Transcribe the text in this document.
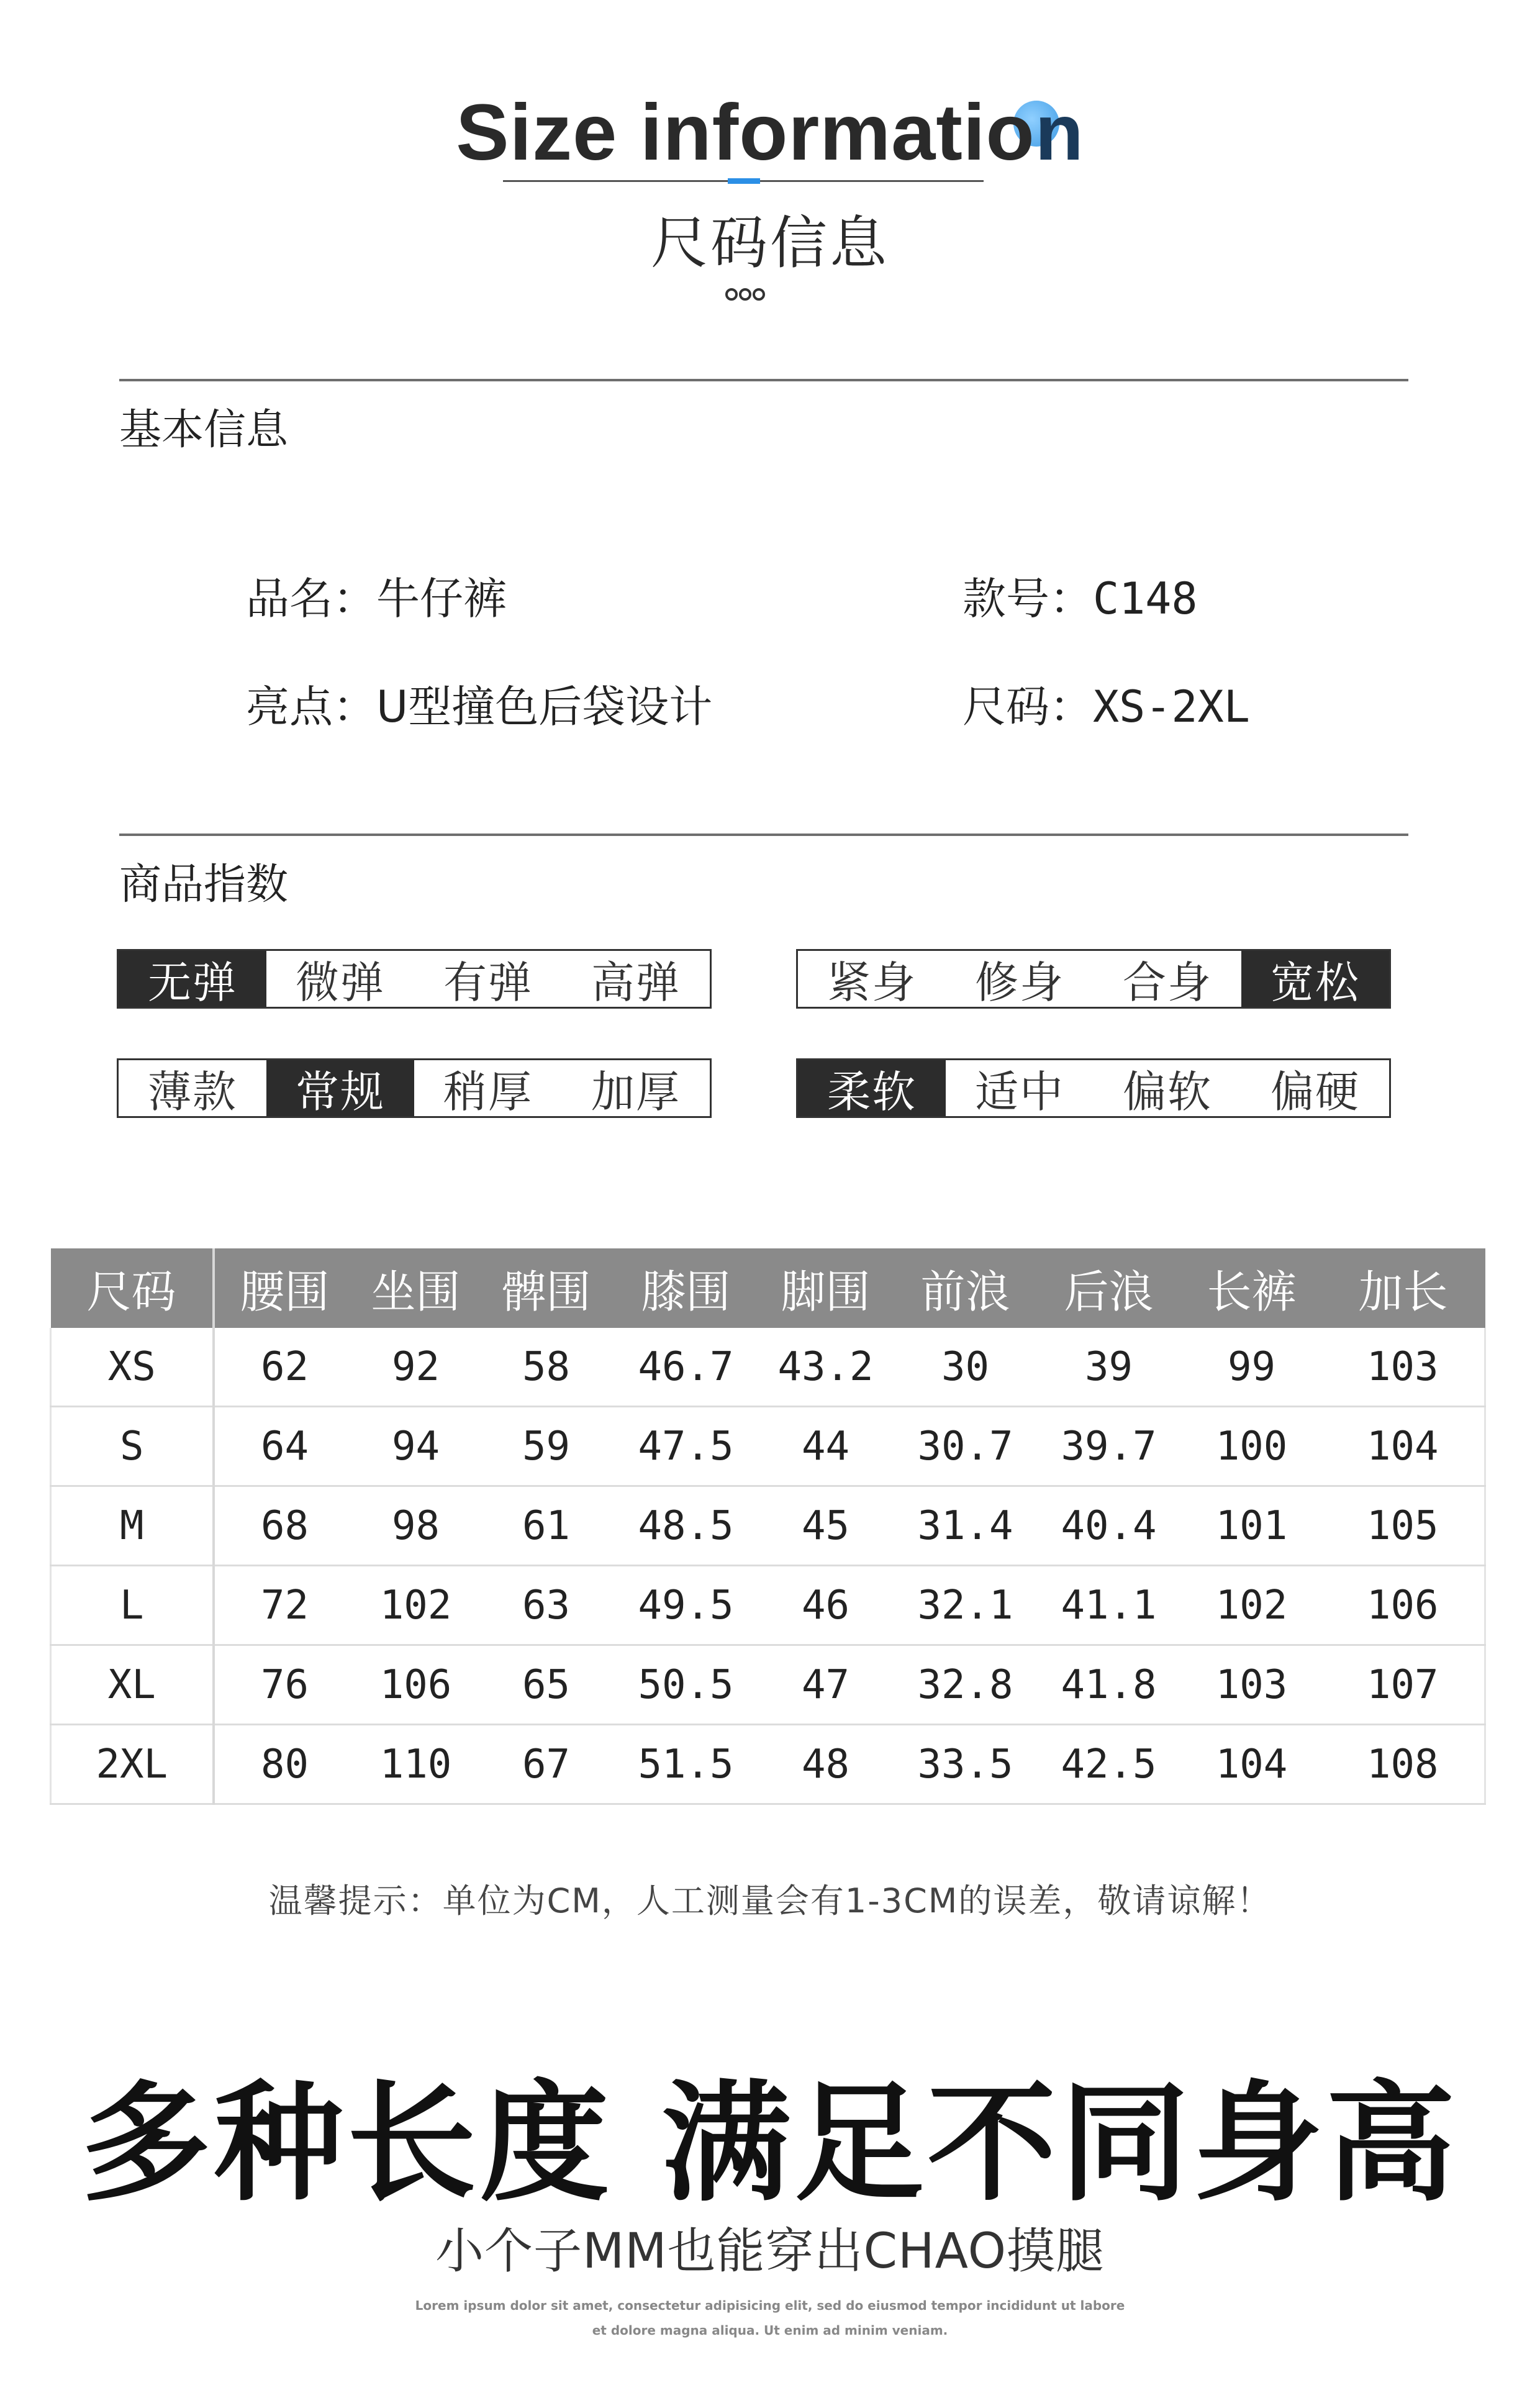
Size information
尺码信息
基本信息
品名：牛仔裤	款号：C148
亮点：U型撞色后袋设计	尺码：XS-2XL
商品指数
无弹	微弹	有弹	高弹	紧身	修身	合身	宽松
薄款	常规	稍厚	加厚	柔软	适中	偏软	偏硬
尺码	腰围	坐围	髀围	膝围	脚围	前浪	后浪	长裤	加长
XS	62	92	58	46.7	43.2	30	39	99	103
S	64	94	59	47.5	44	30.7	39.7	100	104
M	68	98	61	48.5	45	31.4	40.4	101	105
L	72	102	63	49.5	46	32.1	41.1	102	106
XL	76	106	65	50.5	47	32.8	41.8	103	107
2XL	80	110	67	51.5	48	33.5	42.5	104	108
温馨提示：单位为CM，人工测量会有1-3CM的误差，敬请谅解！
多种长度 满足不同身高
小个子MM也能穿出CHAO摸腿
Lorem ipsum dolor sit amet, consectetur adipisicing elit, sed do eiusmod tempor incididunt ut labore
et dolore magna aliqua. Ut enim ad minim veniam.
